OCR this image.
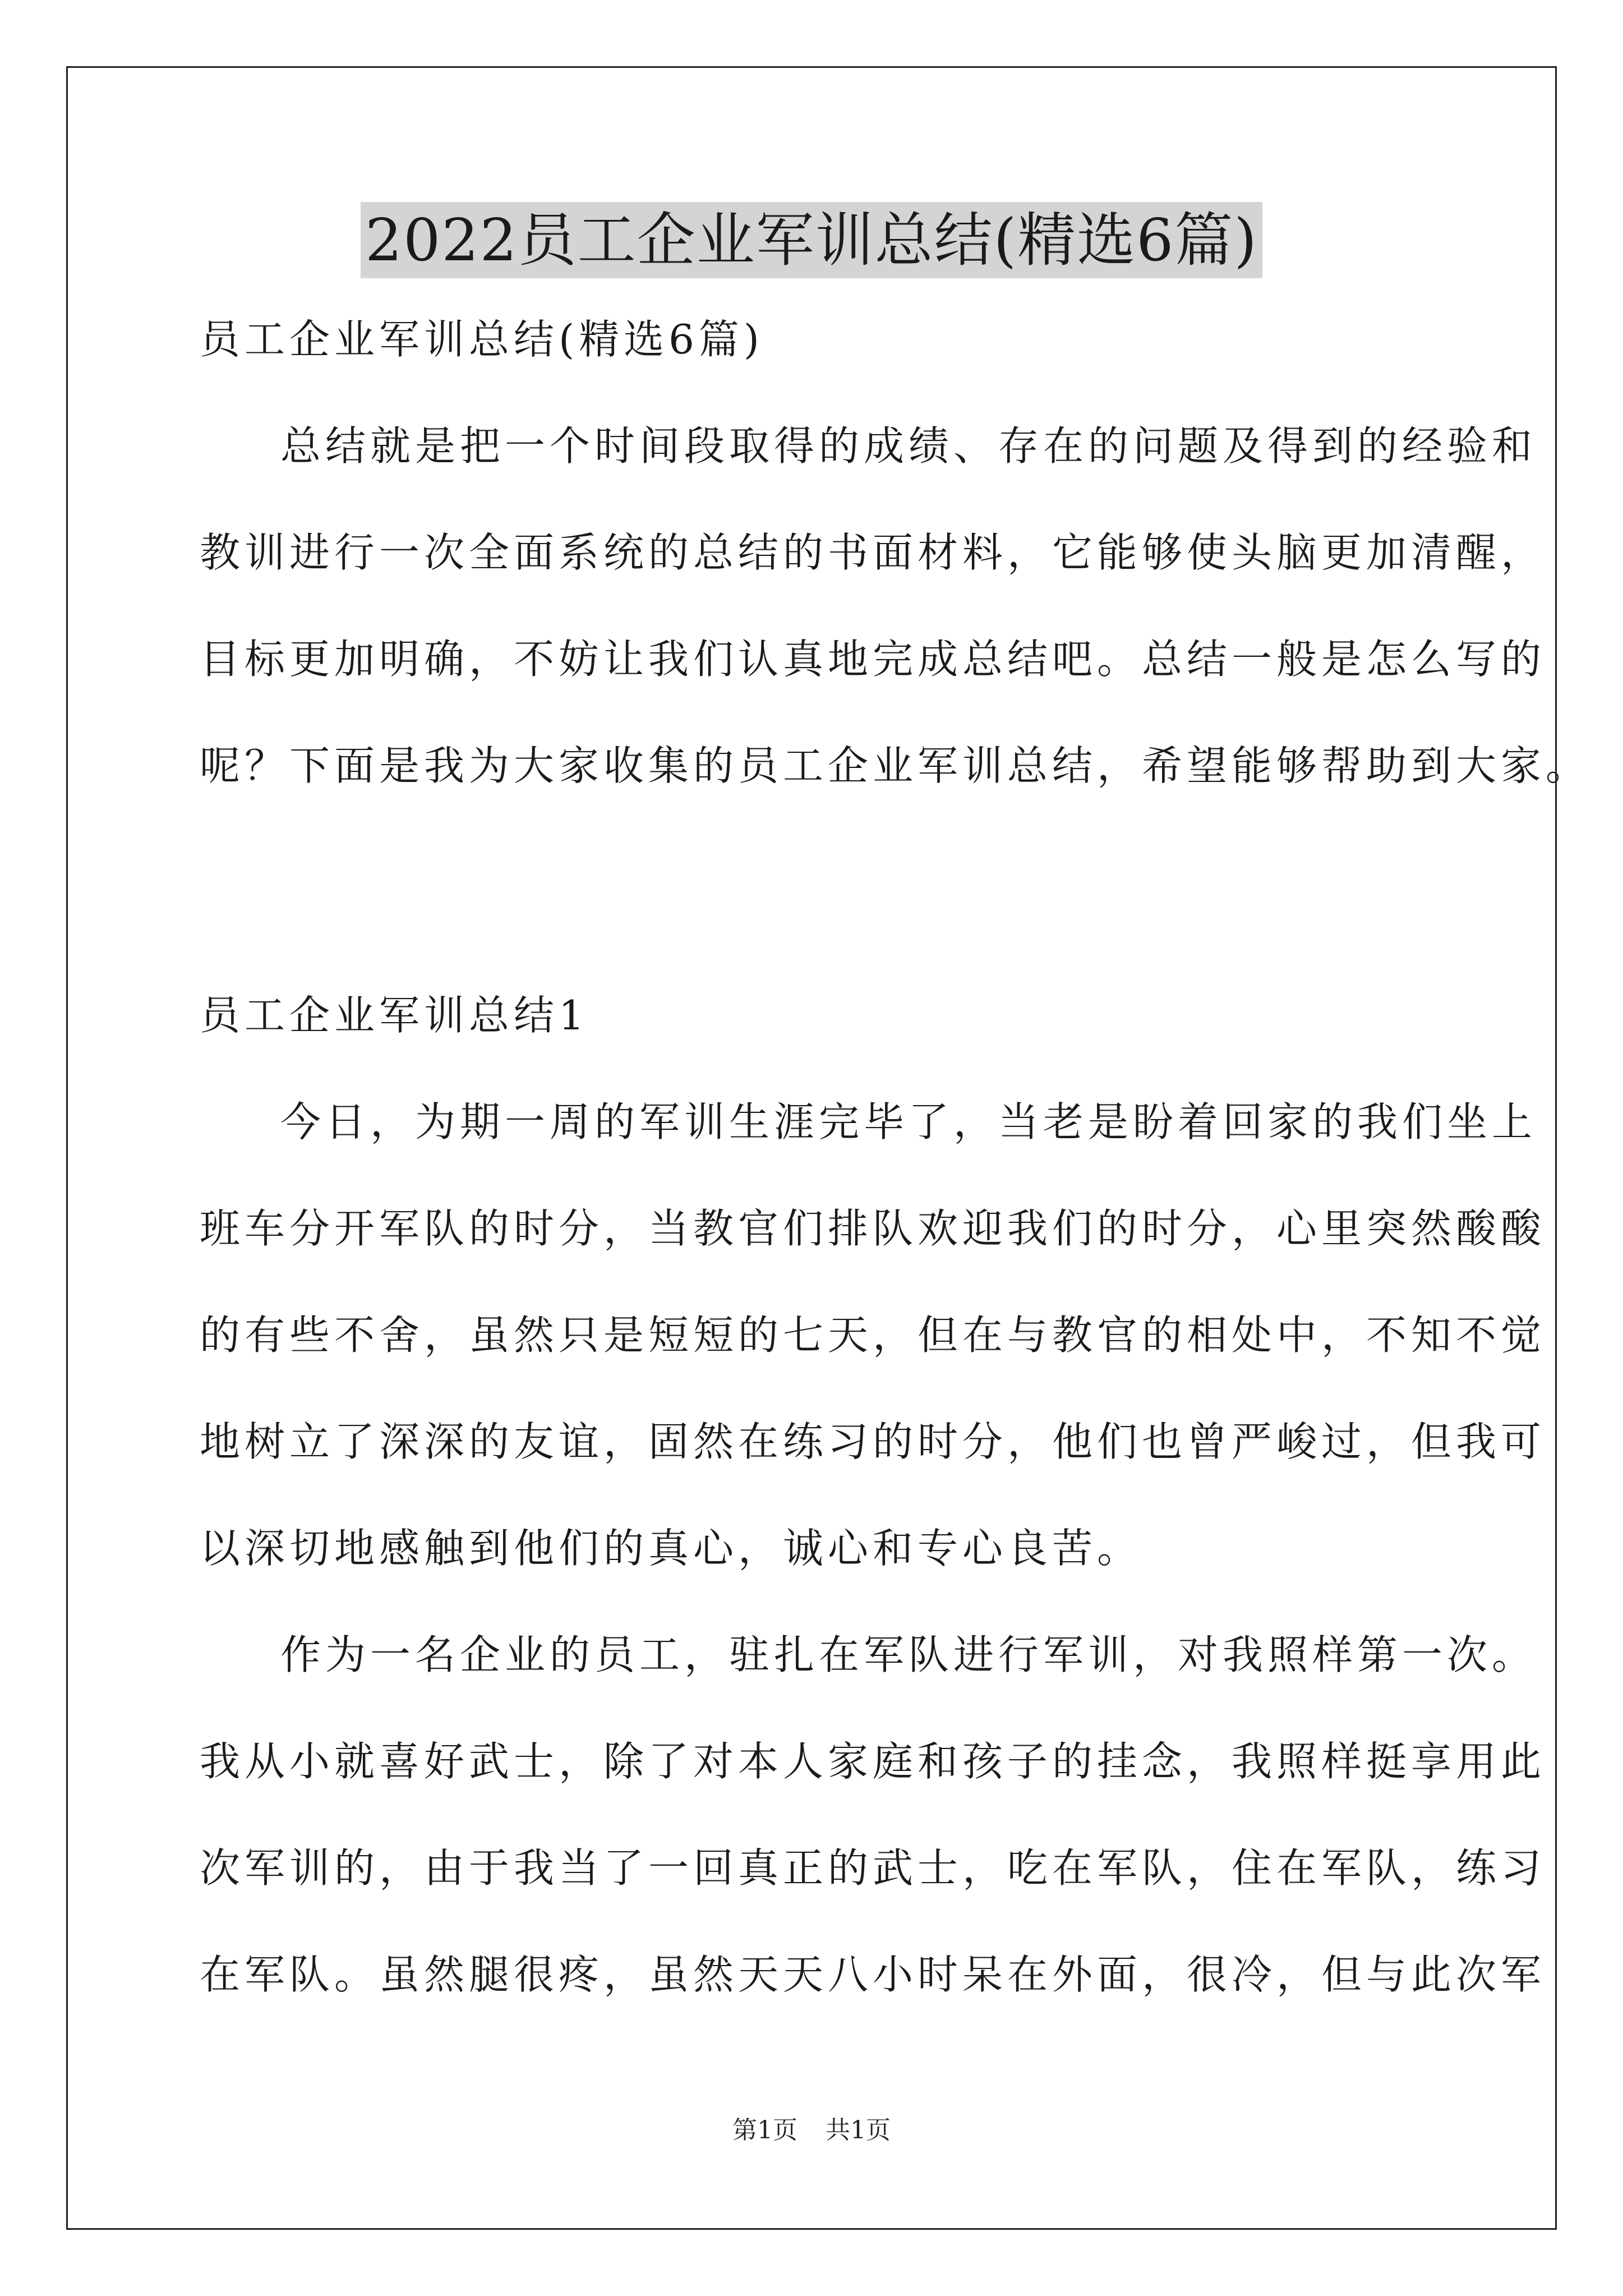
2022员工企业军训总结(精选6篇)
员工企业军训总结(精选6篇)
总结就是把一个时间段取得的成绩、存在的问题及得到的经验和
教训进行一次全面系统的总结的书面材料，它能够使头脑更加清醒，
目标更加明确，不妨让我们认真地完成总结吧。总结一般是怎么写的
呢？下面是我为大家收集的员工企业军训总结，希望能够帮助到大家。
员工企业军训总结1
今日，为期一周的军训生涯完毕了，当老是盼着回家的我们坐上
班车分开军队的时分，当教官们排队欢迎我们的时分，心里突然酸酸
的有些不舍，虽然只是短短的七天，但在与教官的相处中，不知不觉
地树立了深深的友谊，固然在练习的时分，他们也曾严峻过，但我可
以深切地感触到他们的真心，诚心和专心良苦。
作为一名企业的员工，驻扎在军队进行军训，对我照样第一次。
我从小就喜好武士，除了对本人家庭和孩子的挂念，我照样挺享用此
次军训的，由于我当了一回真正的武士，吃在军队，住在军队，练习
在军队。虽然腿很疼，虽然天天八小时呆在外面，很冷，但与此次军
第1页 共1页
